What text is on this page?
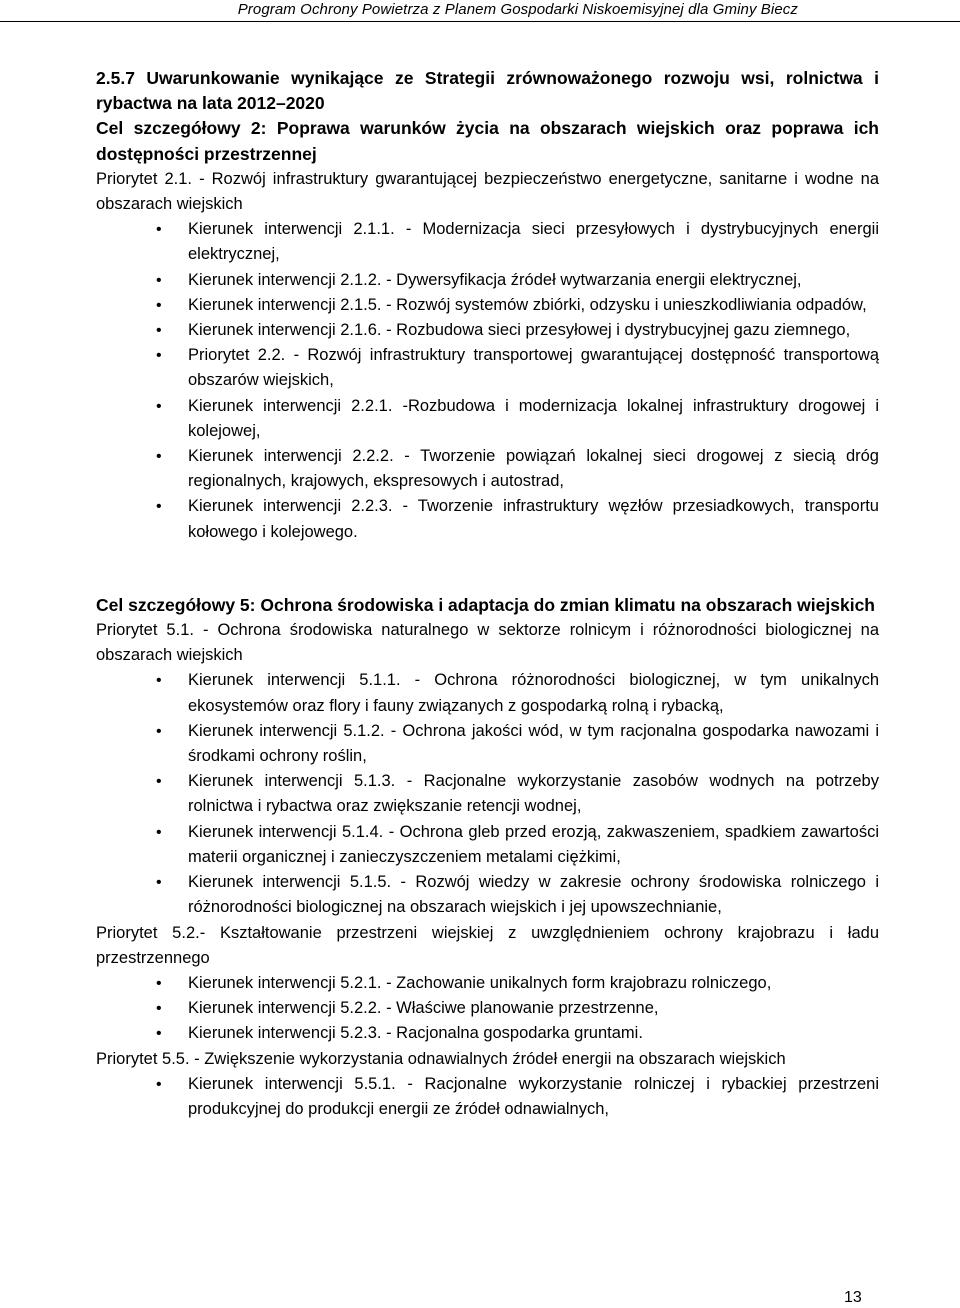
Program Ochrony Powietrza z Planem Gospodarki Niskoemisyjnej dla Gminy Biecz

2.5.7 Uwarunkowanie wynikające ze Strategii zrównoważonego rozwoju wsi, rolnictwa i rybactwa na lata 2012–2020

Cel szczegółowy 2: Poprawa warunków życia na obszarach wiejskich oraz poprawa ich dostępności przestrzennej

Priorytet 2.1. - Rozwój infrastruktury gwarantującej bezpieczeństwo energetyczne, sanitarne i wodne na obszarach wiejskich

• Kierunek interwencji 2.1.1. - Modernizacja sieci przesyłowych i dystrybucyjnych energii elektrycznej,
• Kierunek interwencji 2.1.2. - Dywersyfikacja źródeł wytwarzania energii elektrycznej,
• Kierunek interwencji 2.1.5. - Rozwój systemów zbiórki, odzysku i unieszkodliwiania odpadów,
• Kierunek interwencji 2.1.6. - Rozbudowa sieci przesyłowej i dystrybucyjnej gazu ziemnego,
• Priorytet 2.2. - Rozwój infrastruktury transportowej gwarantującej dostępność transportową obszarów wiejskich,
• Kierunek interwencji 2.2.1. -Rozbudowa i modernizacja lokalnej infrastruktury drogowej i kolejowej,
• Kierunek interwencji 2.2.2. - Tworzenie powiązań lokalnej sieci drogowej z siecią dróg regionalnych, krajowych, ekspresowych i autostrad,
• Kierunek interwencji 2.2.3. - Tworzenie infrastruktury węzłów przesiadkowych, transportu kołowego i kolejowego.

Cel szczegółowy 5: Ochrona środowiska i adaptacja do zmian klimatu na obszarach wiejskich

Priorytet 5.1. - Ochrona środowiska naturalnego w sektorze rolnicym i różnorodności biologicznej na obszarach wiejskich

• Kierunek interwencji 5.1.1. - Ochrona różnorodności biologicznej, w tym unikalnych ekosystemów oraz flory i fauny związanych z gospodarką rolną i rybacką,
• Kierunek interwencji 5.1.2. - Ochrona jakości wód, w tym racjonalna gospodarka nawozami i środkami ochrony roślin,
• Kierunek interwencji 5.1.3. - Racjonalne wykorzystanie zasobów wodnych na potrzeby rolnictwa i rybactwa oraz zwiększanie retencji wodnej,
• Kierunek interwencji 5.1.4. - Ochrona gleb przed erozją, zakwaszeniem, spadkiem zawartości materii organicznej i zanieczyszczeniem metalami ciężkimi,
• Kierunek interwencji 5.1.5. - Rozwój wiedzy w zakresie ochrony środowiska rolniczego i różnorodności biologicznej na obszarach wiejskich i jej upowszechnianie,

Priorytet 5.2.- Kształtowanie przestrzeni wiejskiej z uwzględnieniem ochrony krajobrazu i ładu przestrzennego

• Kierunek interwencji 5.2.1. - Zachowanie unikalnych form krajobrazu rolniczego,
• Kierunek interwencji 5.2.2. - Właściwe planowanie przestrzenne,
• Kierunek interwencji 5.2.3. - Racjonalna gospodarka gruntami.

Priorytet 5.5. - Zwiększenie wykorzystania odnawialnych źródeł energii na obszarach wiejskich

• Kierunek interwencji 5.5.1. - Racjonalne wykorzystanie rolniczej i rybackiej przestrzeni produkcyjnej do produkcji energii ze źródeł odnawialnych,
13
